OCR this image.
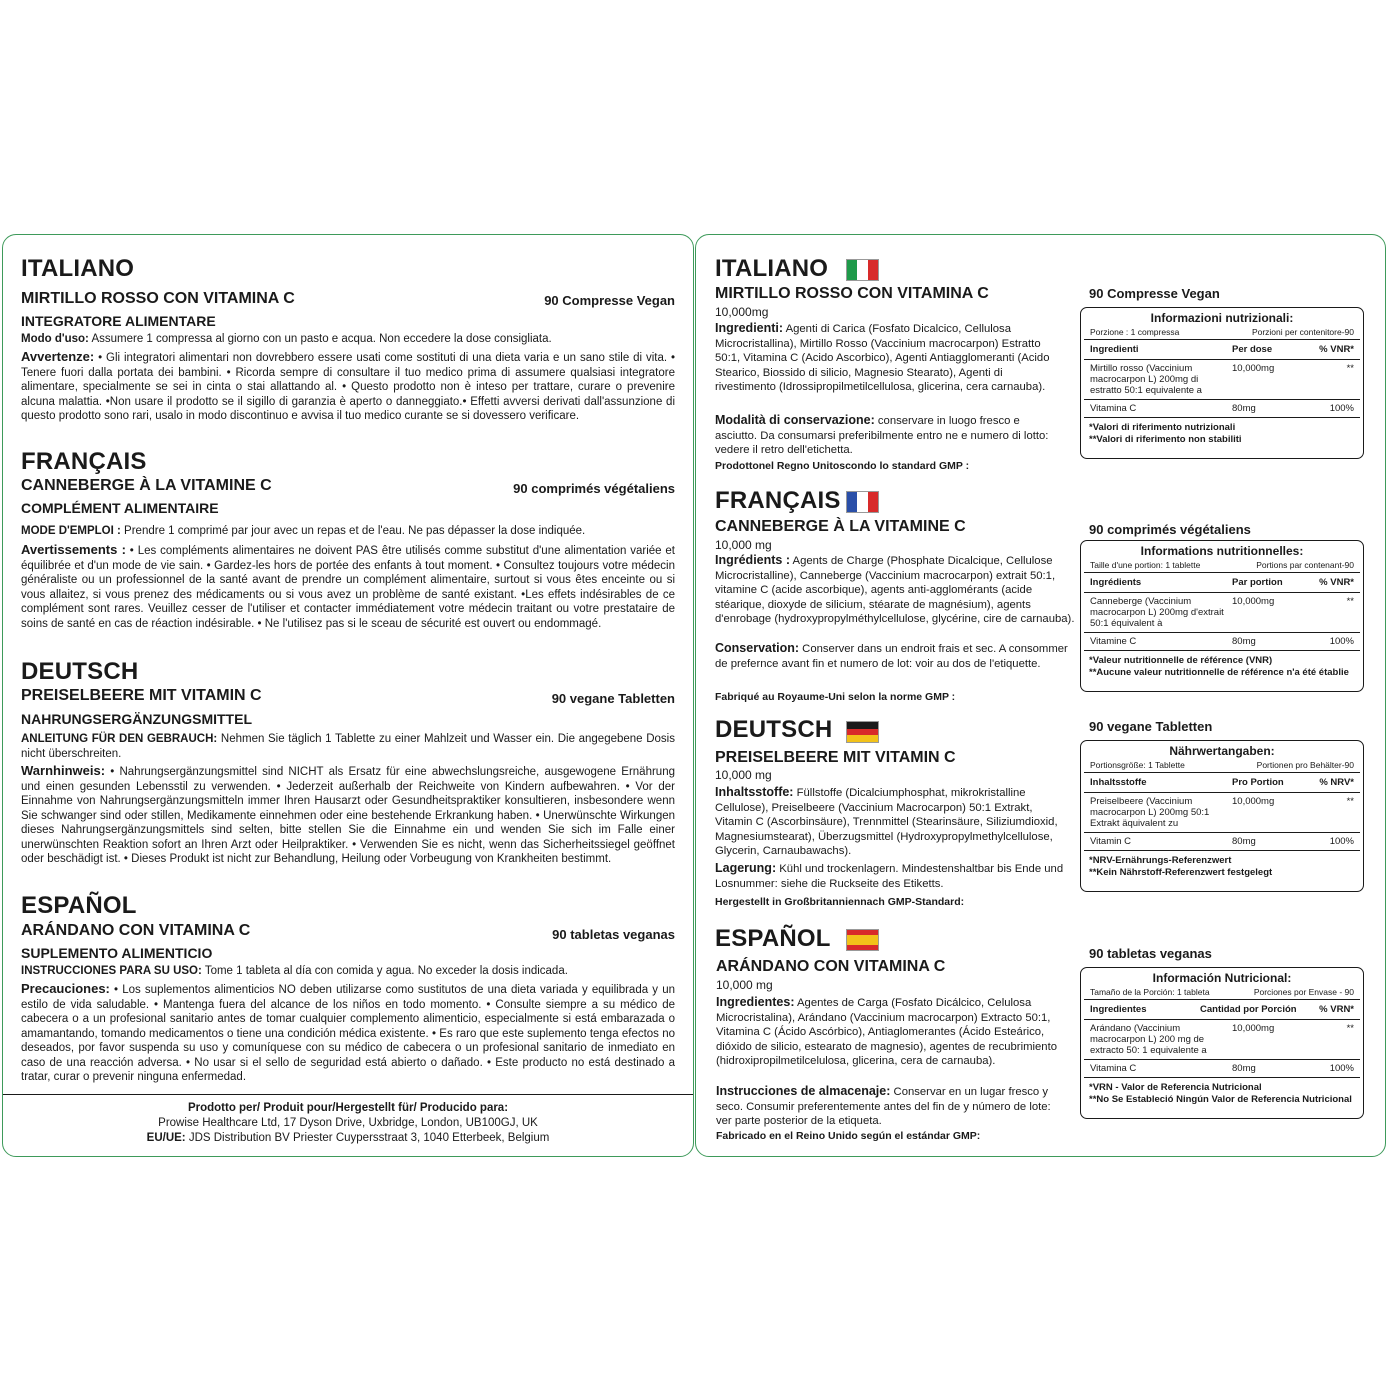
ITALIANO
MIRTILLO ROSSO CON VITAMINA C	90 Compresse Vegan
INTEGRATORE ALIMENTARE
Modo d'uso: Assumere 1 compressa al giorno con un pasto e acqua. Non eccedere la dose consigliata.
Avvertenze: • Gli integratori alimentari non dovrebbero essere usati come sostituti di una dieta varia e un sano stile di vita. • Tenere fuori dalla portata dei bambini. • Ricorda sempre di consultare il tuo medico prima di assumere qualsiasi integratore alimentare, specialmente se sei in cinta o stai allattando al. • Questo prodotto non è inteso per trattare, curare o prevenire alcuna malattia. •Non usare il prodotto se il sigillo di garanzia è aperto o danneggiato.• Effetti avversi derivati dall'assunzione di questo prodotto sono rari, usalo in modo discontinuo e avvisa il tuo medico curante se si dovessero verificare.
FRANÇAIS
CANNEBERGE À LA VITAMINE C	90 comprimés végétaliens
COMPLÉMENT ALIMENTAIRE
MODE D'EMPLOI : Prendre 1 comprimé par jour avec un repas et de l'eau. Ne pas dépasser la dose indiquée.
Avertissements : • Les compléments alimentaires ne doivent PAS être utilisés comme substitut d'une alimentation variée et équilibrée et d'un mode de vie sain. • Gardez-les hors de portée des enfants à tout moment. • Consultez toujours votre médecin généraliste ou un professionnel de la santé avant de prendre un complément alimentaire, surtout si vous êtes enceinte ou si vous allaitez, si vous prenez des médicaments ou si vous avez un problème de santé existant. •Les effets indésirables de ce complément sont rares. Veuillez cesser de l'utiliser et contacter immédiatement votre médecin traitant ou votre prestataire de soins de santé en cas de réaction indésirable. • Ne l'utilisez pas si le sceau de sécurité est ouvert ou endommagé.
DEUTSCH
PREISELBEERE MIT VITAMIN C	90 vegane Tabletten
NAHRUNGSERGÄNZUNGSMITTEL
ANLEITUNG FÜR DEN GEBRAUCH: Nehmen Sie täglich 1 Tablette zu einer Mahlzeit und Wasser ein. Die angegebene Dosis nicht überschreiten.
Warnhinweis: • Nahrungsergänzungsmittel sind NICHT als Ersatz für eine abwechslungsreiche, ausgewogene Ernährung und einen gesunden Lebensstil zu verwenden. • Jederzeit außerhalb der Reichweite von Kindern aufbewahren. • Vor der Einnahme von Nahrungsergänzungsmitteln immer Ihren Hausarzt oder Gesundheitspraktiker konsultieren, insbesondere wenn Sie schwanger sind oder stillen, Medikamente einnehmen oder eine bestehende Erkrankung haben. • Unerwünschte Wirkungen dieses Nahrungsergänzungsmittels sind selten, bitte stellen Sie die Einnahme ein und wenden Sie sich im Falle einer unerwünschten Reaktion sofort an Ihren Arzt oder Heilpraktiker. • Verwenden Sie es nicht, wenn das Sicherheitssiegel geöffnet oder beschädigt ist. • Dieses Produkt ist nicht zur Behandlung, Heilung oder Vorbeugung von Krankheiten bestimmt.
ESPAÑOL
ARÁNDANO CON VITAMINA C	90 tabletas veganas
SUPLEMENTO ALIMENTICIO
INSTRUCCIONES PARA SU USO: Tome 1 tableta al día con comida y agua. No exceder la dosis indicada.
Precauciones: • Los suplementos alimenticios NO deben utilizarse como sustitutos de una dieta variada y equilibrada y un estilo de vida saludable. • Mantenga fuera del alcance de los niños en todo momento. • Consulte siempre a su médico de cabecera o a un profesional sanitario antes de tomar cualquier complemento alimenticio, especialmente si está embarazada o amamantando, tomando medicamentos o tiene una condición médica existente. • Es raro que este suplemento tenga efectos no deseados, por favor suspenda su uso y comuníquese con su médico de cabecera o un profesional sanitario de inmediato en caso de una reacción adversa. • No usar si el sello de seguridad está abierto o dañado. • Este producto no está destinado a tratar, curar o prevenir ninguna enfermedad.
Prodotto per/ Produit pour/Hergestellt für/ Producido para:
Prowise Healthcare Ltd, 17 Dyson Drive, Uxbridge, London, UB100GJ, UK
EU/UE: JDS Distribution BV Priester Cuypersstraat 3, 1040 Etterbeek, Belgium
ITALIANO
MIRTILLO ROSSO CON VITAMINA C
10,000mg
Ingredienti: Agenti di Carica (Fosfato Dicalcico, Cellulosa Microcristallina), Mirtillo Rosso (Vaccinium macrocarpon) Estratto 50:1, Vitamina C (Acido Ascorbico), Agenti Antiagglomeranti (Acido Stearico, Biossido di silicio, Magnesio Stearato), Agenti di rivestimento (Idrossipropilmetilcellulosa, glicerina, cera carnauba).
Modalità di conservazione: conservare in luogo fresco e asciutto. Da consumarsi preferibilmente entro ne e numero di lotto: vedere il retro dell'etichetta.
Prodottonel Regno Unitoscondo lo standard GMP :
90 Compresse Vegan
Informazioni nutrizionali:
Porzione : 1 compressa	Porzioni per contenitore-90
Ingredienti	Per dose	% VNR*
Mirtillo rosso (Vaccinium macrocarpon L) 200mg di estratto 50:1 equivalente a
10,000mg	**
Vitamina C	80mg	100%
*Valori di riferimento nutrizionali
**Valori di riferimento non stabiliti
FRANÇAIS
CANNEBERGE À LA VITAMINE C
10,000 mg
Ingrédients : Agents de Charge (Phosphate Dicalcique, Cellulose Microcristalline), Canneberge (Vaccinium macrocarpon) extrait 50:1, vitamine C (acide ascorbique), agents anti-agglomérants (acide stéarique, dioxyde de silicium, stéarate de magnésium), agents d'enrobage (hydroxypropylméthylcellulose, glycérine, cire de carnauba).
Conservation: Conserver dans un endroit frais et sec. A consommer de prefernce avant fin et numero de lot: voir au dos de l'etiquette.
Fabriqué au Royaume-Uni selon la norme GMP :
90 comprimés végétaliens
Informations nutritionnelles:
Taille d'une portion: 1 tablette	Portions par contenant-90
Ingrédients	Par portion	% VNR*
Canneberge (Vaccinium macrocarpon L) 200mg d'extrait 50:1 équivalent à
10,000mg	**
Vitamine C	80mg	100%
*Valeur nutritionnelle de référence (VNR)
**Aucune valeur nutritionnelle de référence n'a été établie
DEUTSCH
PREISELBEERE MIT VITAMIN C
10,000 mg
Inhaltsstoffe: Füllstoffe (Dicalciumphosphat, mikrokristalline Cellulose), Preiselbeere (Vaccinium Macrocarpon) 50:1 Extrakt, Vitamin C (Ascorbinsäure), Trennmittel (Stearinsäure, Siliziumdioxid, Magnesiumstearat), Überzugsmittel (Hydroxypropylmethylcellulose, Glycerin, Carnaubawachs).
Lagerung: Kühl und trockenlagern. Mindestenshaltbar bis Ende und Losnummer: siehe die Ruckseite des Etiketts.
Hergestellt in Großbritanniennach GMP-Standard:
90 vegane Tabletten
Nährwertangaben:
Portionsgröße: 1 Tablette	Portionen pro Behälter-90
Inhaltsstoffe	Pro Portion	% NRV*
Preiselbeere (Vaccinium macrocarpon L) 200mg 50:1 Extrakt äquivalent zu
10,000mg	**
Vitamin C	80mg	100%
*NRV-Ernährungs-Referenzwert
**Kein Nährstoff-Referenzwert festgelegt
ESPAÑOL
ARÁNDANO CON VITAMINA C
10,000 mg
Ingredientes: Agentes de Carga (Fosfato Dicálcico, Celulosa Microcristalina), Arándano (Vaccinium macrocarpon) Extracto 50:1, Vitamina C (Ácido Ascórbico), Antiaglomerantes (Ácido Esteárico, dióxido de silicio, estearato de magnesio), agentes de recubrimiento (hidroxipropilmetilcelulosa, glicerina, cera de carnauba).
Instrucciones de almacenaje: Conservar en un lugar fresco y seco. Consumir preferentemente antes del fin de y número de lote: ver parte posterior de la etiqueta.
Fabricado en el Reino Unido según el estándar GMP:
90 tabletas veganas
Información Nutricional:
Tamaño de la Porción: 1 tableta	Porciones por Envase - 90
Ingredientes	Cantidad por Porción	% VRN*
Arándano (Vaccinium macrocarpon L) 200 mg de extracto 50: 1 equivalente a
10,000mg	**
Vitamina C	80mg	100%
*VRN - Valor de Referencia Nutricional
**No Se Estableció Ningún Valor de Referencia Nutricional
